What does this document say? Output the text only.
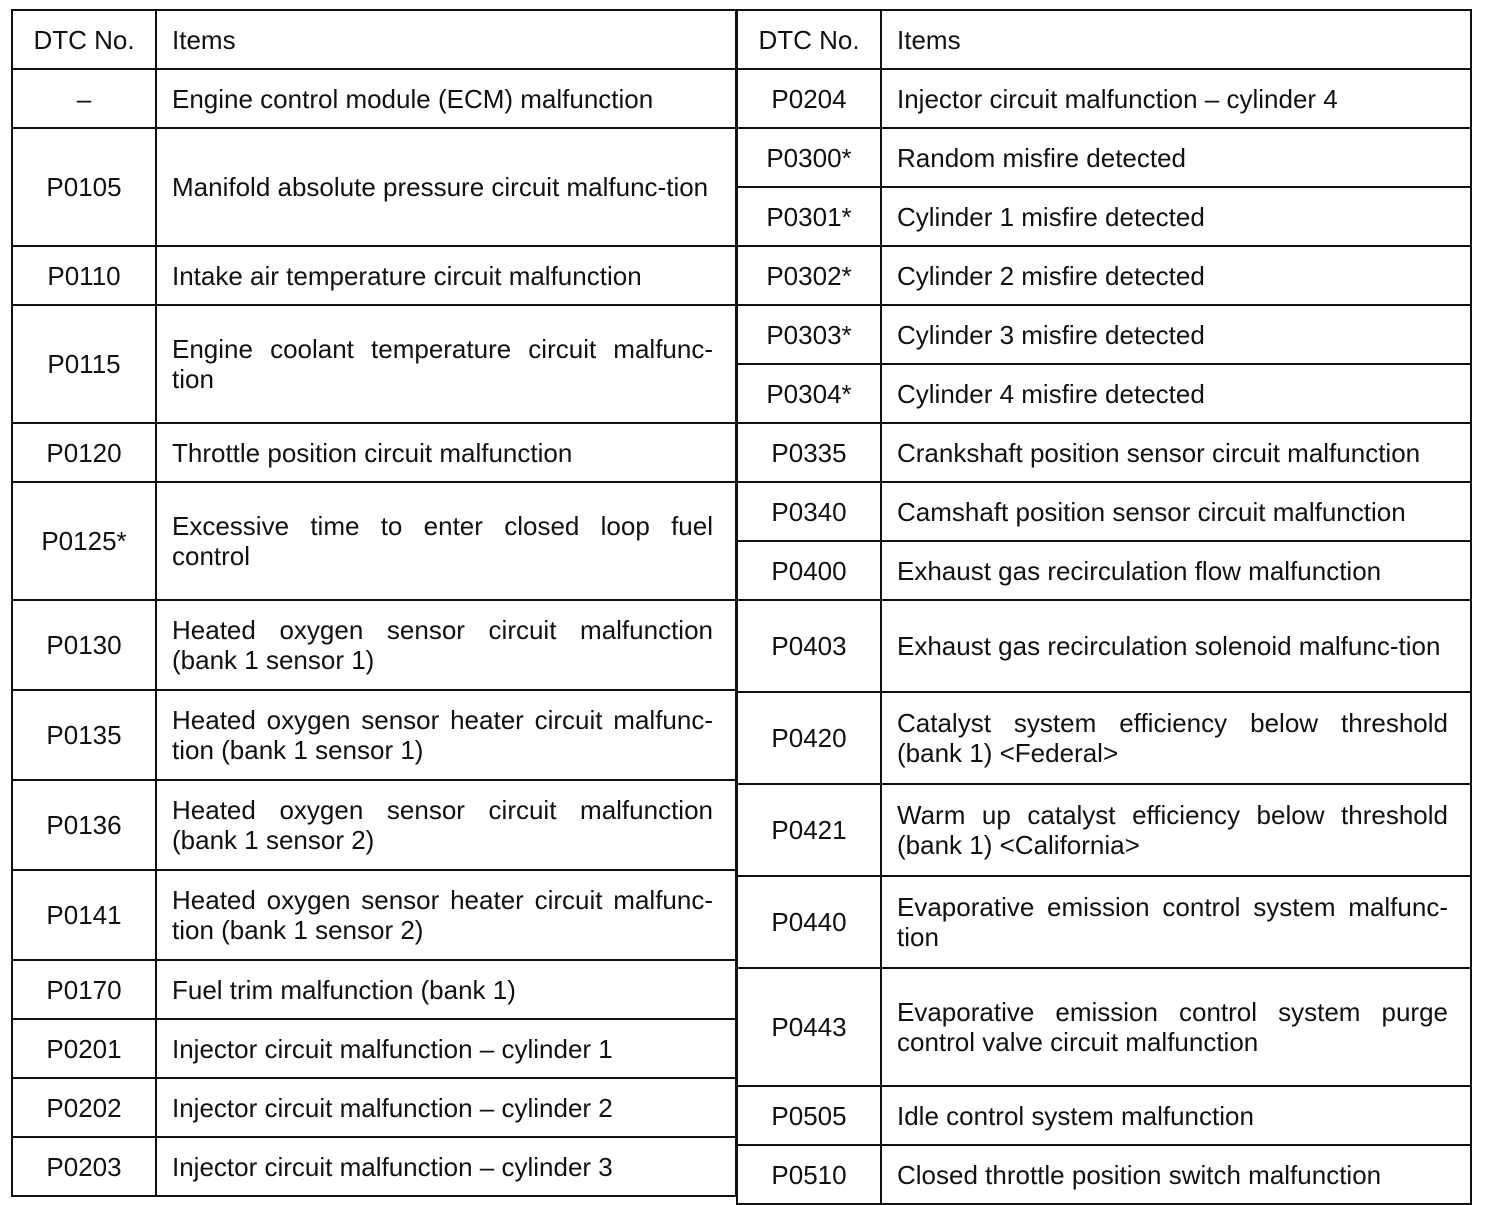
DTC No.	Items
–	Engine control module (ECM) malfunction
P0105	Manifold absolute pressure circuit malfunc-tion
P0110	Intake air temperature circuit malfunction
P0115	Engine coolant temperature circuit malfunc-tion
P0120	Throttle position circuit malfunction
P0125*	Excessive time to enter closed loop fuel control
P0130	Heated oxygen sensor circuit malfunction (bank 1 sensor 1)
P0135	Heated oxygen sensor heater circuit malfunc-tion (bank 1 sensor 1)
P0136	Heated oxygen sensor circuit malfunction (bank 1 sensor 2)
P0141	Heated oxygen sensor heater circuit malfunc-tion (bank 1 sensor 2)
P0170	Fuel trim malfunction (bank 1)
P0201	Injector circuit malfunction – cylinder 1
P0202	Injector circuit malfunction – cylinder 2
P0203	Injector circuit malfunction – cylinder 3
DTC No.	Items
P0204	Injector circuit malfunction – cylinder 4
P0300*	Random misfire detected
P0301*	Cylinder 1 misfire detected
P0302*	Cylinder 2 misfire detected
P0303*	Cylinder 3 misfire detected
P0304*	Cylinder 4 misfire detected
P0335	Crankshaft position sensor circuit malfunction
P0340	Camshaft position sensor circuit malfunction
P0400	Exhaust gas recirculation flow malfunction
P0403	Exhaust gas recirculation solenoid malfunc-tion
P0420	Catalyst system efficiency below threshold (bank 1) <Federal>
P0421	Warm up catalyst efficiency below threshold (bank 1) <California>
P0440	Evaporative emission control system malfunc-tion
P0443	Evaporative emission control system purge control valve circuit malfunction
P0505	Idle control system malfunction
P0510	Closed throttle position switch malfunction
